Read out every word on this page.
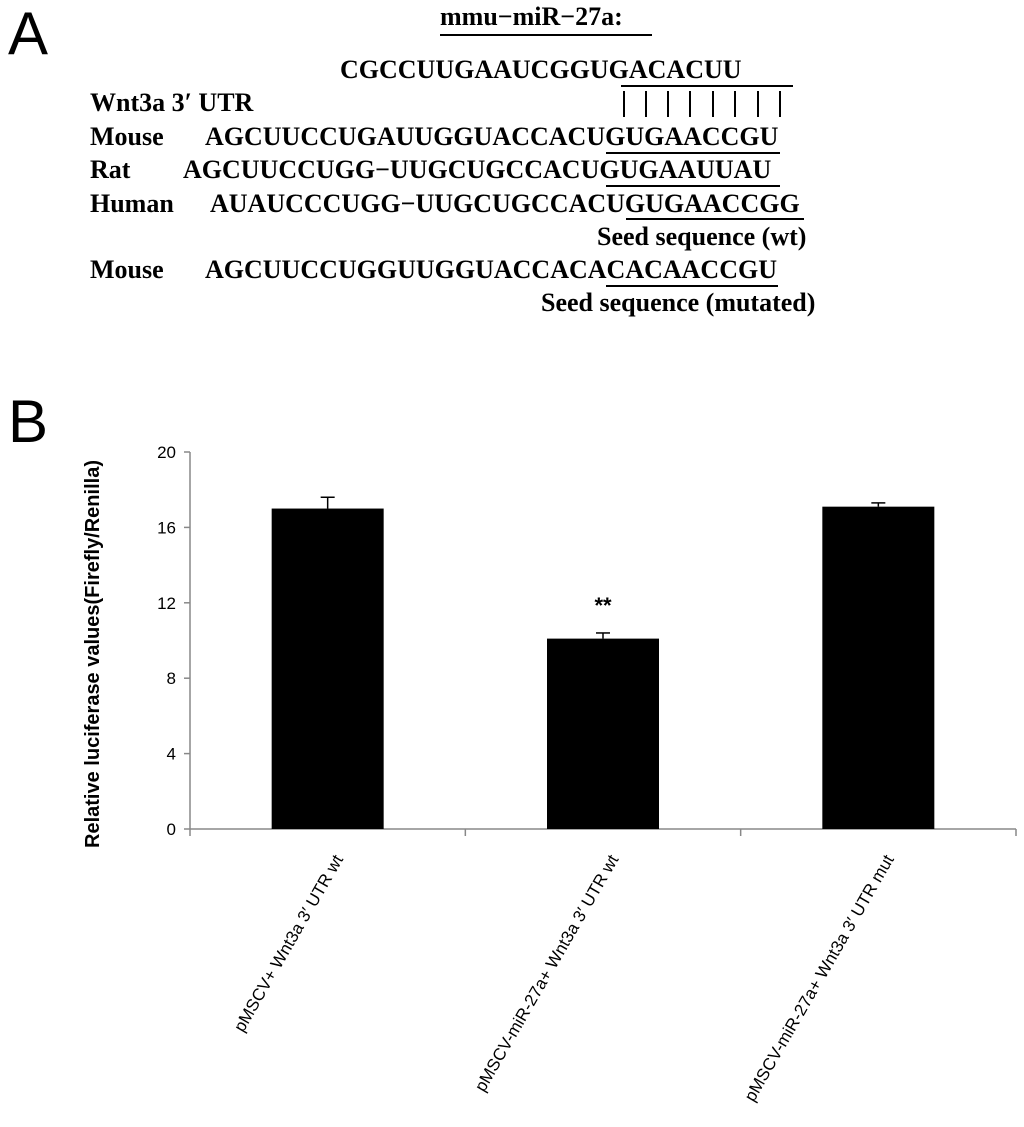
A	mmu−miR−27a:
CGCCUUGAAUCGGUGACACUU
Wnt3a 3′ UTR
Mouse AGCUUCCUGAUUGGUACCACUGUGAACCGU
Rat AGCUUCCUGG−UUGCUGCCACUGUGAAUUAU
Human AUAUCCCUGG−UUGCUGCCACUGUGAACCGG
Seed sequence (wt)
Mouse AGCUUCCUGGUUGGUACCACACACAACCGU
Seed sequence (mutated)
B
Relative luciferase values(Firefly/Renilla)	0
4
8
12
16
20
**
pMSCV+ Wnt3a 3′ UTR wt	pMSCV-miR-27a+ Wnt3a 3′ UTR wt	pMSCV-miR-27a+ Wnt3a 3′ UTR mut
